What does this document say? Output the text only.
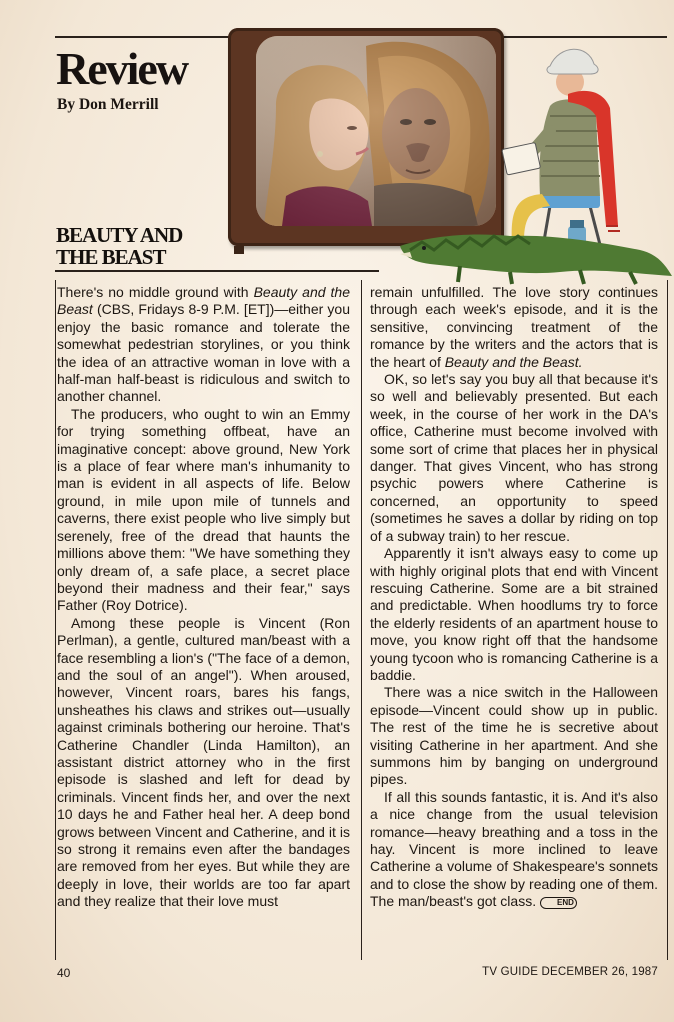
Review
By Don Merrill
BEAUTY AND
THE BEAST

There's no middle ground with Beauty and the Beast (CBS, Fridays 8-9 P.M. [ET])—either you enjoy the basic romance and tolerate the somewhat pedestrian storylines, or you think the idea of an attractive woman in love with a half-man half-beast is ridiculous and switch to another channel.

The producers, who ought to win an Emmy for trying something offbeat, have an imaginative concept: above ground, New York is a place of fear where man's inhumanity to man is evident in all aspects of life. Below ground, in mile upon mile of tunnels and caverns, there exist people who live simply but serenely, free of the dread that haunts the millions above them: "We have something they only dream of, a safe place, a secret place beyond their madness and their fear," says Father (Roy Dotrice).

Among these people is Vincent (Ron Perlman), a gentle, cultured man/beast with a face resembling a lion's ("The face of a demon, and the soul of an angel"). When aroused, however, Vincent roars, bares his fangs, unsheathes his claws and strikes out—usually against criminals bothering our heroine. That's Catherine Chandler (Linda Hamilton), an assistant district attorney who in the first episode is slashed and left for dead by criminals. Vincent finds her, and over the next 10 days he and Father heal her. A deep bond grows between Vincent and Catherine, and it is so strong it remains even after the bandages are removed from her eyes. But while they are deeply in love, their worlds are too far apart and they realize that their love must

remain unfulfilled. The love story continues through each week's episode, and it is the sensitive, convincing treatment of the romance by the writers and the actors that is the heart of Beauty and the Beast.

OK, so let's say you buy all that because it's so well and believably presented. But each week, in the course of her work in the DA's office, Catherine must become involved with some sort of crime that places her in physical danger. That gives Vincent, who has strong psychic powers where Catherine is concerned, an opportunity to speed (sometimes he saves a dollar by riding on top of a subway train) to her rescue.

Apparently it isn't always easy to come up with highly original plots that end with Vincent rescuing Catherine. Some are a bit strained and predictable. When hoodlums try to force the elderly residents of an apartment house to move, you know right off that the handsome young tycoon who is romancing Catherine is a baddie.

There was a nice switch in the Halloween episode—Vincent could show up in public. The rest of the time he is secretive about visiting Catherine in her apartment. And she summons him by banging on underground pipes.

If all this sounds fantastic, it is. And it's also a nice change from the usual television romance—heavy breathing and a toss in the hay. Vincent is more inclined to leave Catherine a volume of Shakespeare's sonnets and to close the show by reading one of them. The man/beast's got class.	END

40	TV GUIDE DECEMBER 26, 1987
